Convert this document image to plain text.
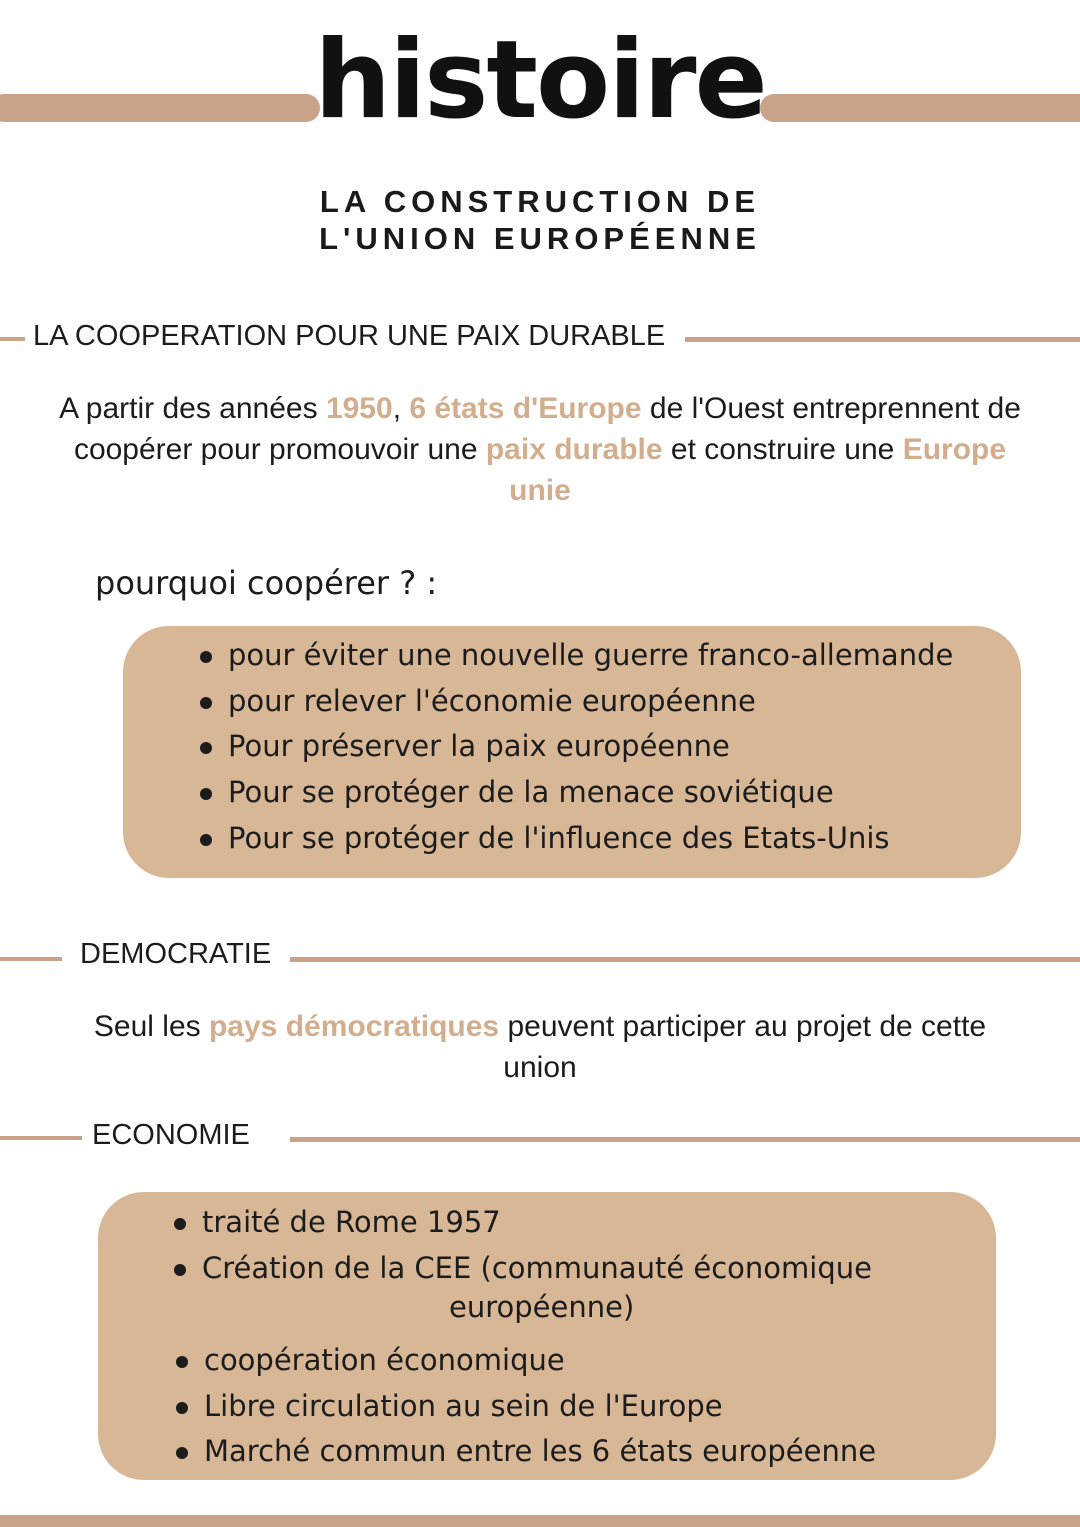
histoire
LA CONSTRUCTION DE
L'UNION EUROPÉENNE
LA COOPERATION POUR UNE PAIX DURABLE
A partir des années 1950, 6 états d'Europe de l'Ouest entreprennent de coopérer pour promouvoir une paix durable et construire une Europe unie
pourquoi coopérer ? :
pour éviter une nouvelle guerre franco-allemande
pour relever l'économie européenne
Pour préserver la paix européenne
Pour se protéger de la menace soviétique
Pour se protéger de l'influence des Etats-Unis
DEMOCRATIE
Seul les pays démocratiques peuvent participer au projet de cette union
ECONOMIE
traité de Rome 1957
Création de la CEE (communauté économique
européenne)
coopération économique
Libre circulation au sein de l'Europe
Marché commun entre les 6 états européenne
